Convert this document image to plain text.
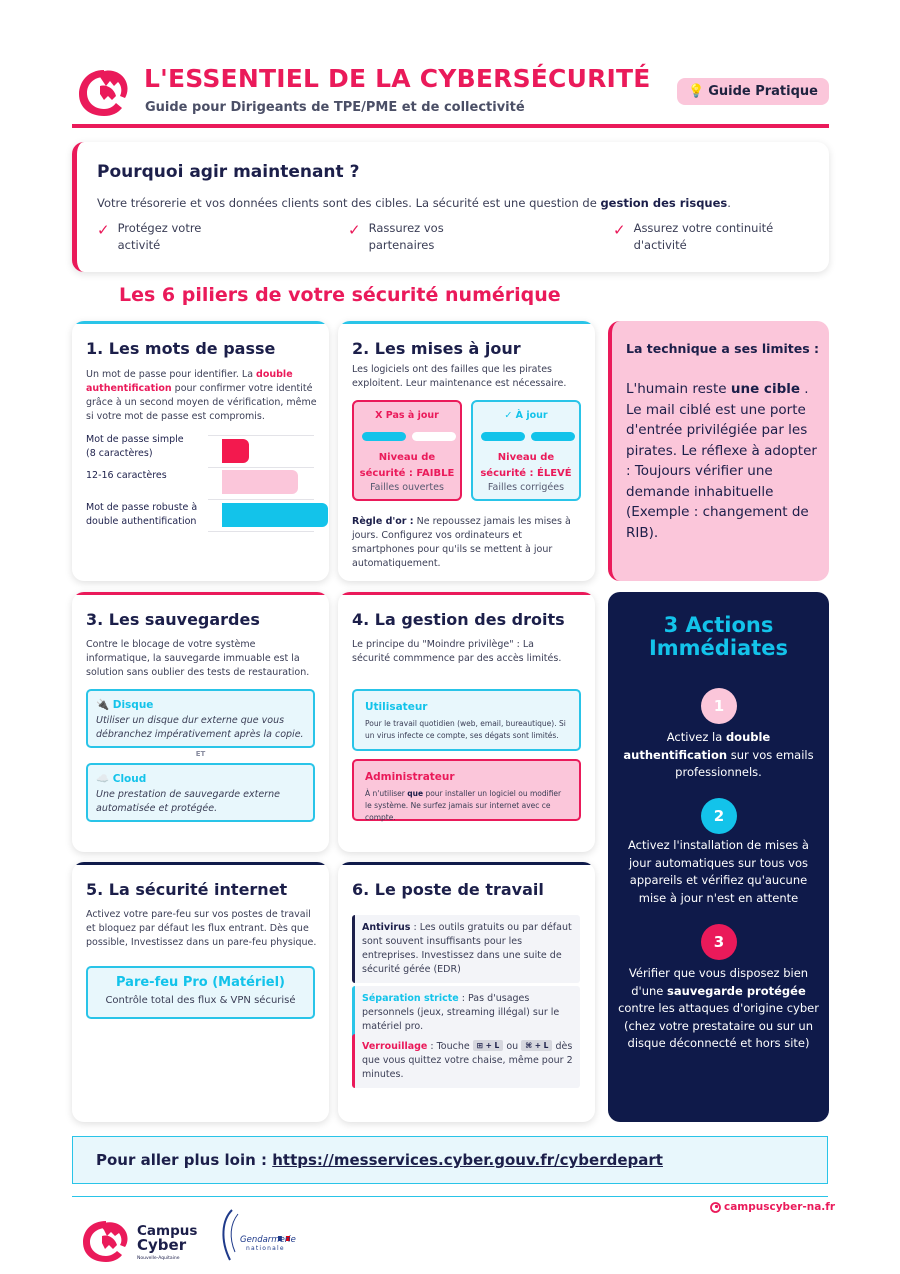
L'ESSENTIEL DE LA CYBERSÉCURITÉ
Guide pour Dirigeants de TPE/PME et de collectivité
💡 Guide Pratique
Pourquoi agir maintenant ?
Votre trésorerie et vos données clients sont des cibles. La sécurité est une question de gestion des risques.
✓ Protégez votre
activité
✓ Rassurez vos
partenaires
✓ Assurez votre continuité
d'activité
Les 6 piliers de votre sécurité numérique
1. Les mots de passe
Un mot de passe pour identifier. La double authentification pour confirmer votre identité grâce à un second moyen de vérification, même si votre mot de passe est compromis.
Mot de passe simple
(8 caractères)
12-16 caractères
Mot de passe robuste à
double authentification
2. Les mises à jour
Les logiciels ont des failles que les pirates exploitent. Leur maintenance est nécessaire.
X Pas à jour
Niveau de
sécurité : FAIBLE
Failles ouvertes
✓ À jour
Niveau de
sécurité : ÉLEVÉ
Failles corrigées
Règle d'or : Ne repoussez jamais les mises à jours. Configurez vos ordinateurs et smartphones pour qu'ils se mettent à jour automatiquement.
La technique a ses limites :
L'humain reste une cible . Le mail ciblé est une porte d'entrée privilégiée par les pirates. Le réflexe à adopter : Toujours vérifier une demande inhabituelle (Exemple : changement de RIB).
3. Les sauvegardes
Contre le blocage de votre système informatique, la sauvegarde immuable est la solution sans oublier des tests de restauration.
🔌 Disque
Utiliser un disque dur externe que vous débranchez impérativement après la copie.
ET
☁️ Cloud
Une prestation de sauvegarde externe automatisée et protégée.
4. La gestion des droits
Le principe du "Moindre privilège" : La sécurité commmence par des accès limités.
Utilisateur
Pour le travail quotidien (web, email, bureautique). Si un virus infecte ce compte, ses dégats sont limités.
Administrateur
À n'utiliser que pour installer un logiciel ou modifier le système. Ne surfez jamais sur internet avec ce compte.
3 Actions
Immédiates
1
Activez la double authentification sur vos emails professionnels.
2
Activez l'installation de mises à jour automatiques sur tous vos appareils et vérifiez qu'aucune mise à jour n'est en attente
3
Vérifier que vous disposez bien d'une sauvegarde protégée contre les attaques d'origine cyber (chez votre prestataire ou sur un disque déconnecté et hors site)
5. La sécurité internet
Activez votre pare-feu sur vos postes de travail et bloquez par défaut les flux entrant. Dès que possible, Investissez dans un pare-feu physique.
Pare-feu Pro (Matériel)
Contrôle total des flux & VPN sécurisé
6. Le poste de travail
Antivirus : Les outils gratuits ou par défaut sont souvent insuffisants pour les entreprises. Investissez dans une suite de sécurité gérée (EDR)
Séparation stricte : Pas d'usages personnels (jeux, streaming illégal) sur le matériel pro.
Verrouillage : Touche ⊞ + L ou ⌘ + L dès que vous quittez votre chaise, même pour 2 minutes.
Pour aller plus loin : https://messervices.cyber.gouv.fr/cyberdepart
campuscyber-na.fr
Campus
Cyber
Nouvelle-Aquitaine
Gendarmerie
nationale
